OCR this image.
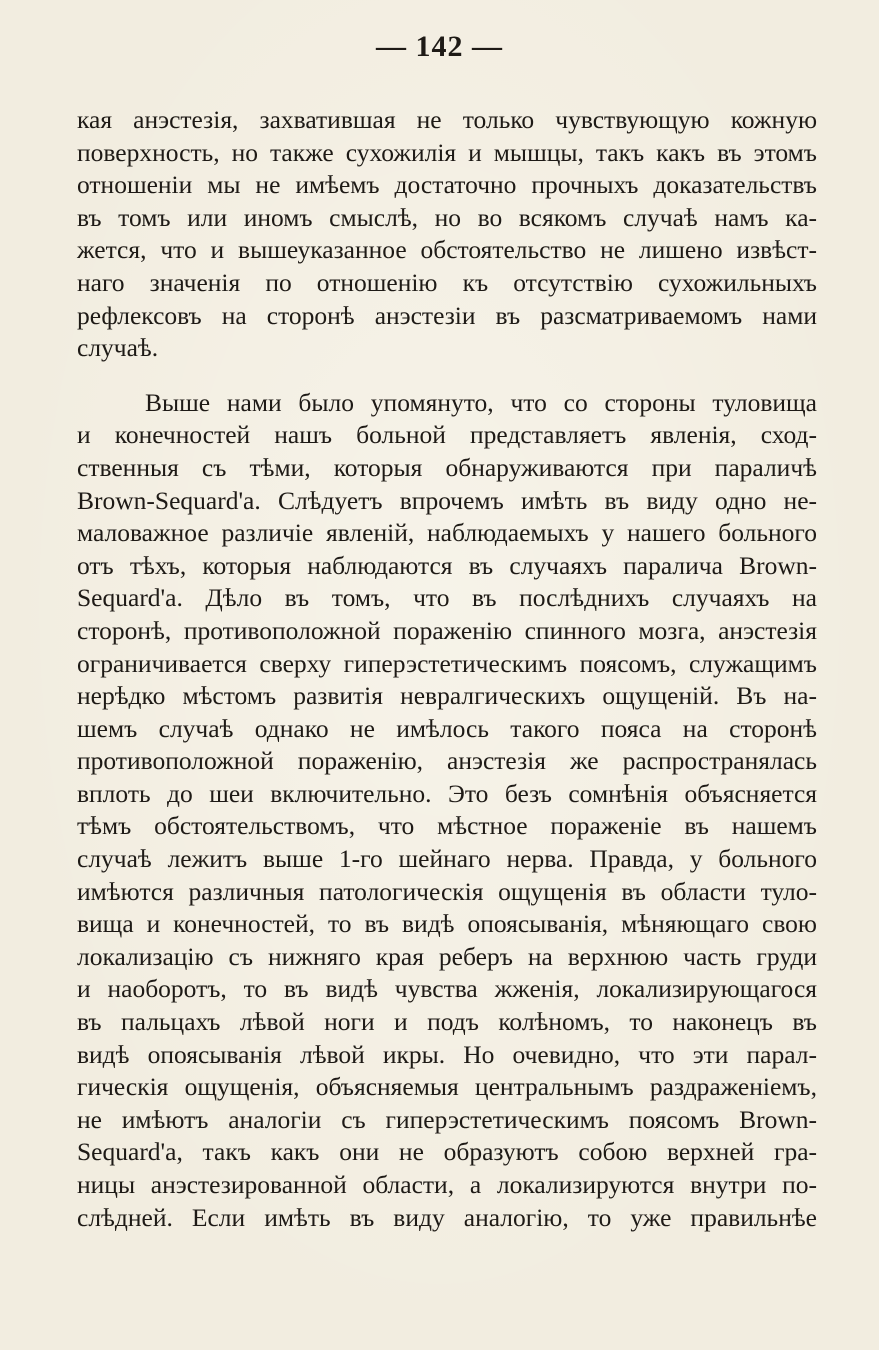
— 142 —
кая анэстезія, захватившая не только чувствующую кожную
поверхность, но также сухожилія и мышцы, такъ какъ въ этомъ
отношеніи мы не имѣемъ достаточно прочныхъ доказательствъ
въ томъ или иномъ смыслѣ, но во всякомъ случаѣ намъ ка-
жется, что и вышеуказанное обстоятельство не лишено извѣст-
наго значенія по отношенію къ отсутствію сухожильныхъ
рефлексовъ на сторонѣ анэстезіи въ разсматриваемомъ нами
случаѣ.
Выше нами было упомянуто, что со стороны туловища
и конечностей нашъ больной представляетъ явленія, сход-
ственныя съ тѣми, которыя обнаруживаются при параличѣ
Brown-Sequard'а. Слѣдуетъ впрочемъ имѣть въ виду одно не-
маловажное различіе явленій, наблюдаемыхъ у нашего больного
отъ тѣхъ, которыя наблюдаются въ случаяхъ паралича Brown-
Sequard'а. Дѣло въ томъ, что въ послѣднихъ случаяхъ на
сторонѣ, противоположной пораженію спинного мозга, анэстезія
ограничивается сверху гиперэстетическимъ поясомъ, служащимъ
нерѣдко мѣстомъ развитія невралгическихъ ощущеній. Въ на-
шемъ случаѣ однако не имѣлось такого пояса на сторонѣ
противоположной пораженію, анэстезія же распространялась
вплоть до шеи включительно. Это безъ сомнѣнія объясняется
тѣмъ обстоятельствомъ, что мѣстное пораженіе въ нашемъ
случаѣ лежитъ выше 1-го шейнаго нерва. Правда, у больного
имѣются различныя патологическія ощущенія въ области туло-
вища и конечностей, то въ видѣ опоясыванія, мѣняющаго свою
локализацію съ нижняго края реберъ на верхнюю часть груди
и наоборотъ, то въ видѣ чувства жженія, локализирующагося
въ пальцахъ лѣвой ноги и подъ колѣномъ, то наконецъ въ
видѣ опоясыванія лѣвой икры. Но очевидно, что эти парал-
гическія ощущенія, объясняемыя центральнымъ раздраженіемъ,
не имѣютъ аналогіи съ гиперэстетическимъ поясомъ Brown-
Sequard'а, такъ какъ они не образуютъ собою верхней гра-
ницы анэстезированной области, а локализируются внутри по-
слѣдней. Если имѣть въ виду аналогію, то уже правильнѣе
